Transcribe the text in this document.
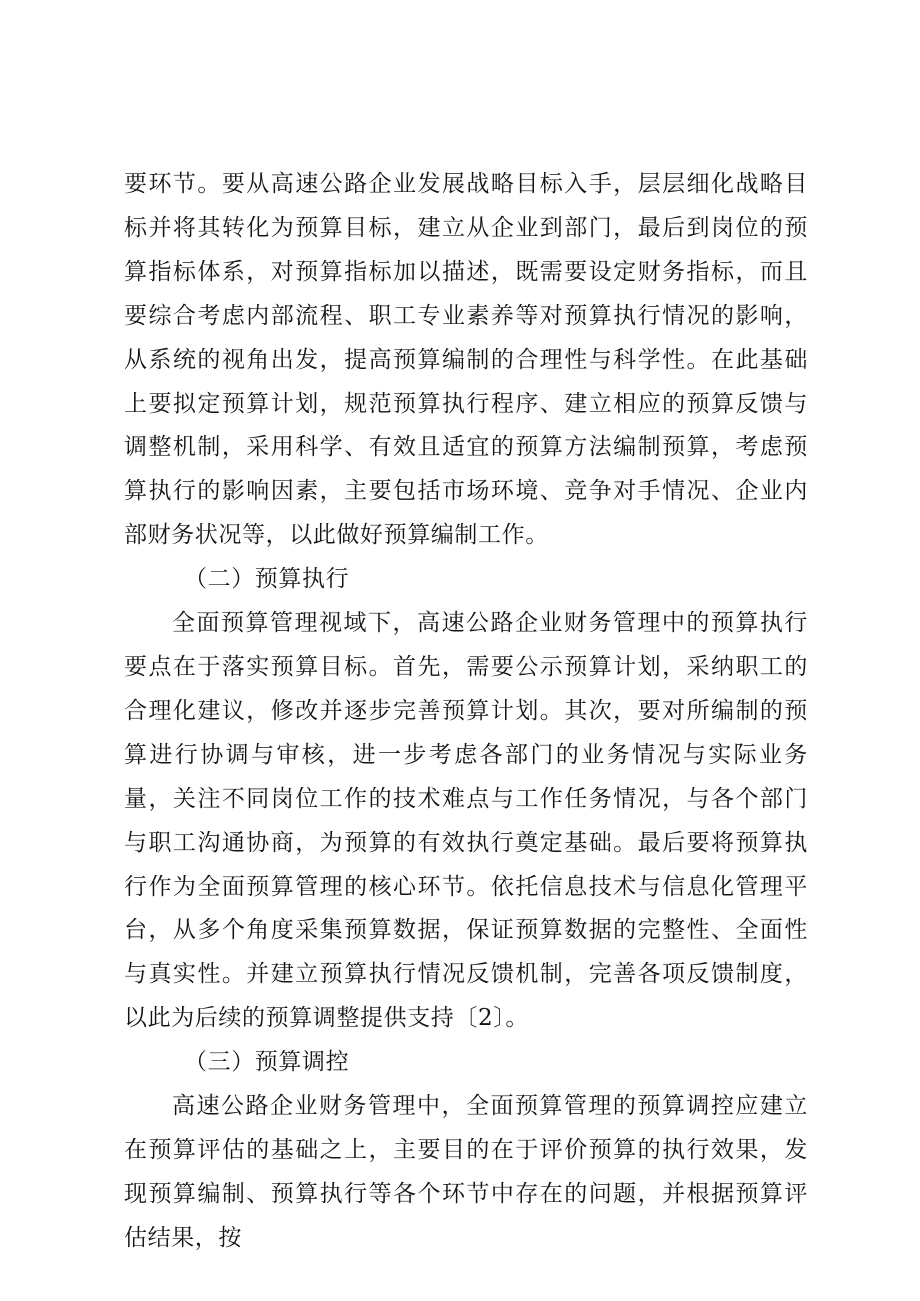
要环节。要从高速公路企业发展战略目标入手，层层细化战略目标并将其转化为预算目标，建立从企业到部门，最后到岗位的预算指标体系，对预算指标加以描述，既需要设定财务指标，而且要综合考虑内部流程、职工专业素养等对预算执行情况的影响，从系统的视角出发，提高预算编制的合理性与科学性。在此基础上要拟定预算计划，规范预算执行程序、建立相应的预算反馈与调整机制，采用科学、有效且适宜的预算方法编制预算，考虑预算执行的影响因素，主要包括市场环境、竞争对手情况、企业内部财务状况等，以此做好预算编制工作。

（二）预算执行

全面预算管理视域下，高速公路企业财务管理中的预算执行要点在于落实预算目标。首先，需要公示预算计划，采纳职工的合理化建议，修改并逐步完善预算计划。其次，要对所编制的预算进行协调与审核，进一步考虑各部门的业务情况与实际业务量，关注不同岗位工作的技术难点与工作任务情况，与各个部门与职工沟通协商，为预算的有效执行奠定基础。最后要将预算执行作为全面预算管理的核心环节。依托信息技术与信息化管理平台，从多个角度采集预算数据，保证预算数据的完整性、全面性与真实性。并建立预算执行情况反馈机制，完善各项反馈制度，以此为后续的预算调整提供支持〔2〕。

（三）预算调控

高速公路企业财务管理中，全面预算管理的预算调控应建立在预算评估的基础之上，主要目的在于评价预算的执行效果，发现预算编制、预算执行等各个环节中存在的问题，并根据预算评估结果，按
